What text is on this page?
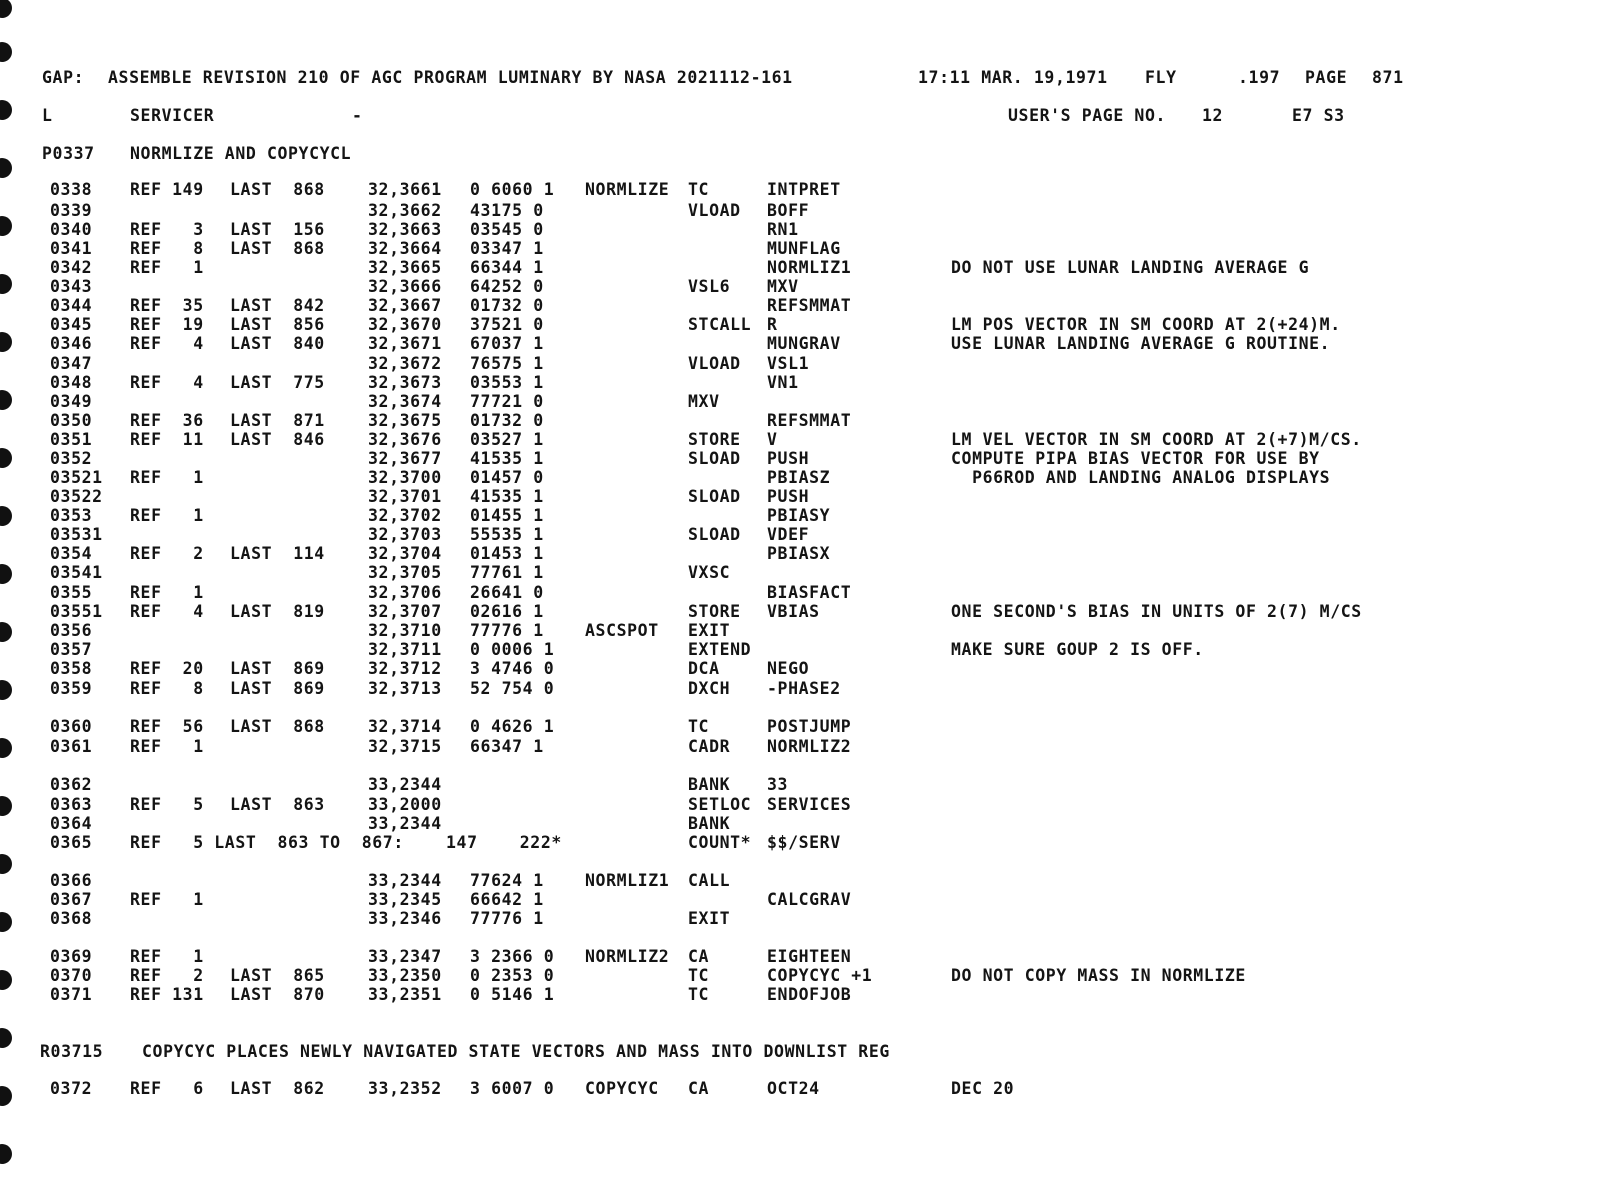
GAP: ASSEMBLE REVISION 210 OF AGC PROGRAM LUMINARY BY NASA 2021112-161	17:11 MAR. 19,1971 FLY	.197 PAGE 871
L	SERVICER	-	USER'S PAGE NO. 12	E7 S3
P0337 NORMLIZE AND COPYCYCL
0338 REF 149 LAST  868	32,3661 0 6060 1 NORMLIZE TC	INTPRET
0339	32,3662 43175 0	VLOAD BOFF
0340 REF   3 LAST  156	32,3663 03545 0	RN1
0341 REF   8 LAST  868	32,3664 03347 1	MUNFLAG
0342 REF   1	32,3665 66344 1	NORMLIZ1	DO NOT USE LUNAR LANDING AVERAGE G
0343	32,3666 64252 0	VSL6 MXV
0344 REF  35 LAST  842	32,3667 01732 0	REFSMMAT
0345 REF  19 LAST  856	32,3670 37521 0	STCALL R	LM POS VECTOR IN SM COORD AT 2(+24)M.
0346 REF   4 LAST  840	32,3671 67037 1	MUNGRAV	USE LUNAR LANDING AVERAGE G ROUTINE.
0347	32,3672 76575 1	VLOAD VSL1
0348 REF   4 LAST  775	32,3673 03553 1	VN1
0349	32,3674 77721 0	MXV
0350 REF  36 LAST  871	32,3675 01732 0	REFSMMAT
0351 REF  11 LAST  846	32,3676 03527 1	STORE V	LM VEL VECTOR IN SM COORD AT 2(+7)M/CS.
0352	32,3677 41535 1	SLOAD PUSH	COMPUTE PIPA BIAS VECTOR FOR USE BY
03521 REF   1	32,3700 01457 0	PBIASZ	P66ROD AND LANDING ANALOG DISPLAYS
03522	32,3701 41535 1	SLOAD PUSH
0353 REF   1	32,3702 01455 1	PBIASY
03531	32,3703 55535 1	SLOAD VDEF
0354 REF   2 LAST  114	32,3704 01453 1	PBIASX
03541	32,3705 77761 1	VXSC
0355 REF   1	32,3706 26641 0	BIASFACT
03551 REF   4 LAST  819	32,3707 02616 1	STORE VBIAS	ONE SECOND'S BIAS IN UNITS OF 2(7) M/CS
0356	32,3710 77776 1	ASCSPOT EXIT
0357	32,3711 0 0006 1	EXTEND	MAKE SURE GOUP 2 IS OFF.
0358 REF  20 LAST  869	32,3712 3 4746 0	DCA	NEGO
0359 REF   8 LAST  869	32,3713 52 754 0	DXCH -PHASE2
0360 REF  56 LAST  868	32,3714 0 4626 1	TC	POSTJUMP
0361 REF   1	32,3715 66347 1	CADR NORMLIZ2
0362	33,2344	BANK 33
0363 REF   5 LAST  863	33,2000	SETLOC SERVICES
0364	33,2344	BANK
0365 REF   5 LAST  863 TO  867:    147    222*	COUNT* $$/SERV
0366	33,2344 77624 1	NORMLIZ1 CALL
0367 REF   1	33,2345 66642 1	CALCGRAV
0368	33,2346 77776 1	EXIT
0369 REF   1	33,2347 3 2366 0 NORMLIZ2 CA	EIGHTEEN
0370 REF   2 LAST  865	33,2350 0 2353 0	TC	COPYCYC +1	DO NOT COPY MASS IN NORMLIZE
0371 REF 131 LAST  870	33,2351 0 5146 1	TC	ENDOFJOB
R03715 COPYCYC PLACES NEWLY NAVIGATED STATE VECTORS AND MASS INTO DOWNLIST REG
0372 REF   6 LAST  862	33,2352 3 6007 0 COPYCYC CA	OCT24	DEC 20
